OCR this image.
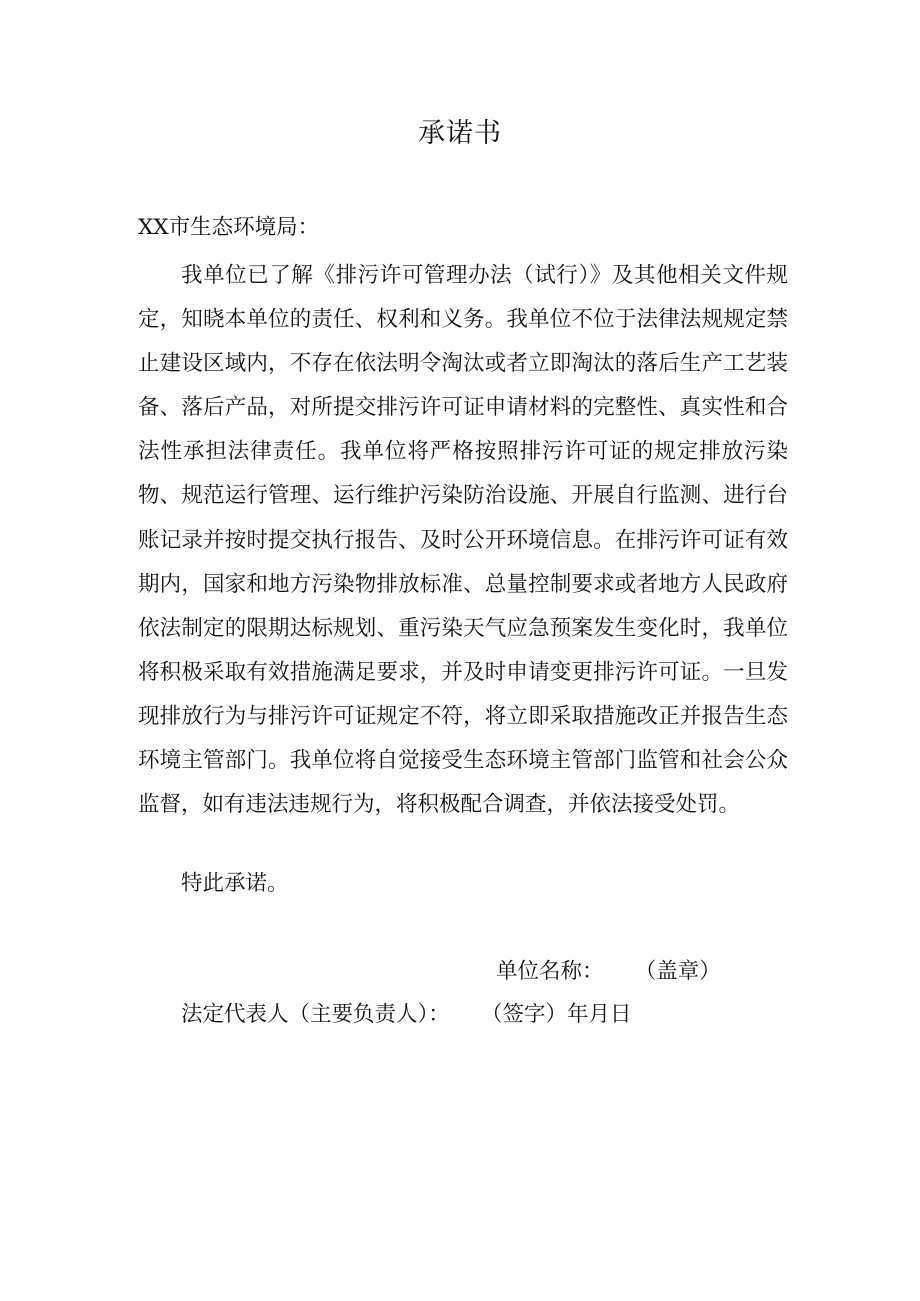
承诺书
XX市生态环境局：

我单位已了解《排污许可管理办法（试行）》及其他相关文件规定，知晓本单位的责任、权利和义务。我单位不位于法律法规规定禁止建设区域内，不存在依法明令淘汰或者立即淘汰的落后生产工艺装备、落后产品，对所提交排污许可证申请材料的完整性、真实性和合法性承担法律责任。我单位将严格按照排污许可证的规定排放污染物、规范运行管理、运行维护污染防治设施、开展自行监测、进行台账记录并按时提交执行报告、及时公开环境信息。在排污许可证有效期内，国家和地方污染物排放标准、总量控制要求或者地方人民政府依法制定的限期达标规划、重污染天气应急预案发生变化时，我单位将积极采取有效措施满足要求，并及时申请变更排污许可证。一旦发现排放行为与排污许可证规定不符，将立即采取措施改正并报告生态环境主管部门。我单位将自觉接受生态环境主管部门监管和社会公众监督，如有违法违规行为，将积极配合调查，并依法接受处罚。

特此承诺。
单位名称： （盖章）
法定代表人（主要负责人）： （签字）年月日
